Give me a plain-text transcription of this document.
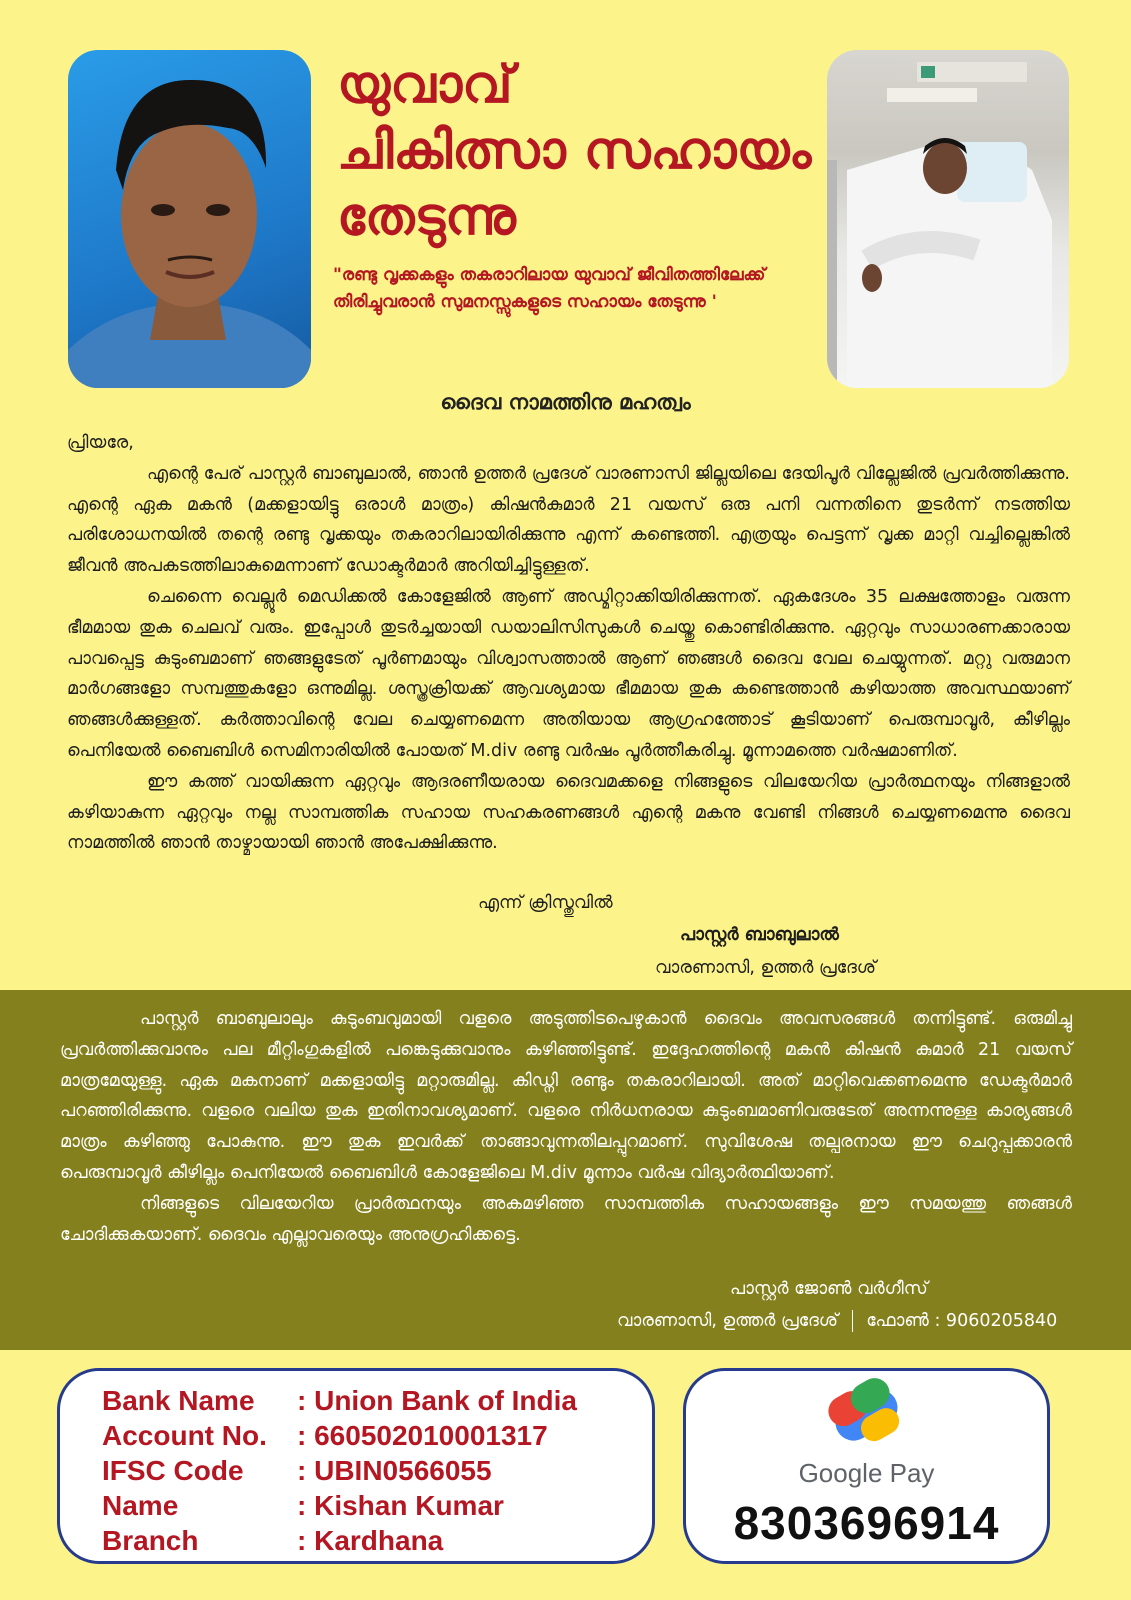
യുവാവ്
ചികിത്സാ സഹായം
തേടുന്നു
"രണ്ടു വൃക്കകളും തകരാറിലായ യുവാവ് ജീവിതത്തിലേക്ക് തിരിച്ചുവരാൻ സുമനസ്സുകളുടെ സഹായം തേടുന്നു '
ദൈവ നാമത്തിനു മഹത്വം

പ്രിയരേ,

എന്റെ പേര് പാസ്റ്റർ ബാബുലാൽ, ഞാൻ ഉത്തർ പ്രദേശ് വാരണാസി ജില്ലയിലെ ദേയിപൂർ വില്ലേജിൽ പ്രവർത്തിക്കുന്നു. എന്റെ ഏക മകൻ (മക്കളായിട്ടു ഒരാൾ മാത്രം) കിഷൻകുമാർ 21 വയസ് ഒരു പനി വന്നതിനെ തുടർന്ന് നടത്തിയ പരിശോധനയിൽ തന്റെ രണ്ടു വൃക്കയും തകരാറിലായിരിക്കുന്നു എന്ന് കണ്ടെത്തി. എത്രയും പെട്ടന്ന് വൃക്ക മാറ്റി വച്ചില്ലെങ്കിൽ ജീവൻ അപകടത്തിലാകുമെന്നാണ് ഡോക്ടർമാർ അറിയിച്ചിട്ടുള്ളത്.

ചെന്നൈ വെല്ലൂർ മെഡിക്കൽ കോളേജിൽ ആണ് അഡ്മിറ്റാക്കിയിരിക്കുന്നത്. ഏകദേശം 35 ലക്ഷത്തോളം വരുന്ന ഭീമമായ തുക ചെലവ് വരും. ഇപ്പോൾ തുടർച്ചയായി ഡയാലിസിസുകൾ ചെയ്തു കൊണ്ടിരിക്കുന്നു. ഏറ്റവും സാധാരണക്കാരായ പാവപ്പെട്ട കുടുംബമാണ് ഞങ്ങളുടേത് പൂർണമായും വിശ്വാസത്താൽ ആണ് ഞങ്ങൾ ദൈവ വേല ചെയ്യുന്നത്. മറ്റു വരുമാന മാർഗങ്ങളോ സമ്പത്തുകളോ ഒന്നുമില്ല. ശസ്ത്രക്രിയക്ക് ആവശ്യമായ ഭീമമായ തുക കണ്ടെത്താൻ കഴിയാത്ത അവസ്ഥയാണ് ഞങ്ങൾക്കുള്ളത്. കർത്താവിന്റെ വേല ചെയ്യണമെന്ന അതിയായ ആഗ്രഹത്തോട് കൂടിയാണ് പെരുമ്പാവൂർ, കീഴില്ലം പെനിയേൽ ബൈബിൾ സെമിനാരിയിൽ പോയത് M.div രണ്ടു വർഷം പൂർത്തീകരിച്ചു. മൂന്നാമത്തെ വർഷമാണിത്.

ഈ കത്ത് വായിക്കുന്ന ഏറ്റവും ആദരണീയരായ ദൈവമക്കളെ നിങ്ങളുടെ വിലയേറിയ പ്രാർത്ഥനയും നിങ്ങളാൽ കഴിയാകുന്ന ഏറ്റവും നല്ല സാമ്പത്തിക സഹായ സഹകരണങ്ങൾ എന്റെ മകനു വേണ്ടി നിങ്ങൾ ചെയ്യണമെന്നു ദൈവ നാമത്തിൽ ഞാൻ താഴ്മായായി ഞാൻ അപേക്ഷിക്കുന്നു.

എന്ന് ക്രിസ്തുവിൽ
പാസ്റ്റർ ബാബുലാൽ
വാരണാസി, ഉത്തർ പ്രദേശ്

പാസ്റ്റർ ബാബുലാലും കുടുംബവുമായി വളരെ അടുത്തിടപെഴുകാൻ ദൈവം അവസരങ്ങൾ തന്നിട്ടുണ്ട്. ഒരുമിച്ചു പ്രവർത്തിക്കുവാനും പല മീറ്റിംഗുകളിൽ പങ്കെടുക്കുവാനും കഴിഞ്ഞിട്ടുണ്ട്. ഇദ്ദേഹത്തിന്റെ മകൻ കിഷൻ കുമാർ 21 വയസ് മാത്രമേയുള്ളു. ഏക മകനാണ് മക്കളായിട്ടു മറ്റാരുമില്ല. കിഡ്നി രണ്ടും തകരാറിലായി. അത് മാറ്റിവെക്കണമെന്നു ഡേക്ടർമാർ പറഞ്ഞിരിക്കുന്നു. വളരെ വലിയ തുക ഇതിനാവശ്യമാണ്. വളരെ നിർധനരായ കുടുംബമാണിവരുടേത് അന്നന്നുള്ള കാര്യങ്ങൾ മാത്രം കഴിഞ്ഞു പോകുന്നു. ഈ തുക ഇവർക്ക് താങ്ങാവുന്നതിലപ്പുറമാണ്. സുവിശേഷ തല്പരനായ ഈ ചെറുപ്പക്കാരൻ പെരുമ്പാവൂർ കീഴില്ലം പെനിയേൽ ബൈബിൾ കോളേജിലെ M.div മൂന്നാം വർഷ വിദ്യാർത്ഥിയാണ്.

നിങ്ങളുടെ വിലയേറിയ പ്രാർത്ഥനയും അകമഴിഞ്ഞ സാമ്പത്തിക സഹായങ്ങളും ഈ സമയത്തു ഞങ്ങൾ ചോദിക്കുകയാണ്. ദൈവം എല്ലാവരെയും അനുഗ്രഹിക്കട്ടെ.

പാസ്റ്റർ ജോൺ വർഗീസ്
വാരണാസി, ഉത്തർ പ്രദേശ് ഫോൺ : 9060205840
Bank Name : Union Bank of India
Account No. : 660502010001317
IFSC Code : UBIN0566055
Name	: Kishan Kumar
Branch	: Kardhana
Google Pay
8303696914
